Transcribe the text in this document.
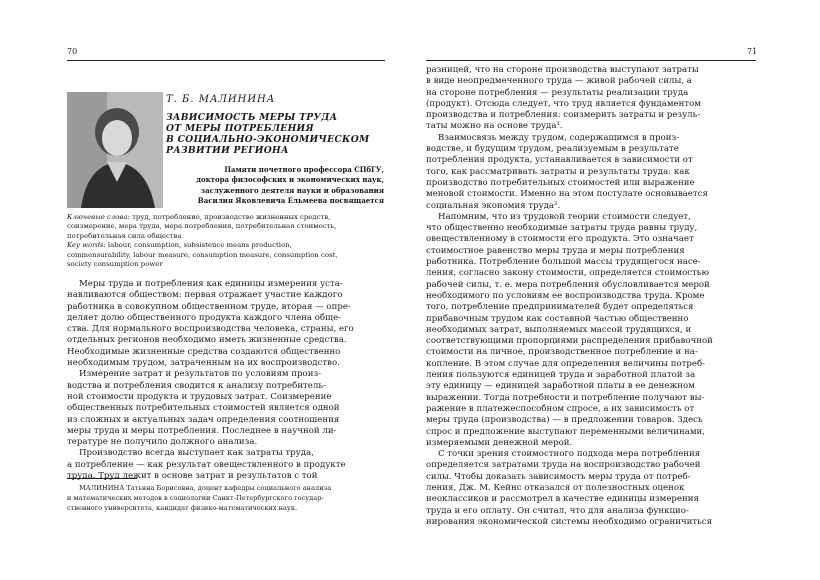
70
Т. Б. МАЛИНИНА
ЗАВИСИМОСТЬ МЕРЫ ТРУДА
ОТ МЕРЫ ПОТРЕБЛЕНИЯ
В СОЦИАЛЬНО-ЭКОНОМИЧЕСКОМ
РАЗВИТИИ РЕГИОНА
Памяти почетного профессора СПбГУ,
доктора философских и экономических наук,
заслуженного деятеля науки и образования
Василия Яковлевича Ельмеева посвящается
Ключевые слова: труд, потребление, производство жизненных средств,
соизмерение, мера труда, мера потребления, потребительная стоимость,
потребительная сила общества
Key words: labour, consumption, subsistence means production,
commensurability, labour measure, consumption measure, consumption cost,
society consumption power
Меры труда и потребления как единицы измерения уста-
навливаются обществом: первая отражает участие каждого
работника в совокупном общественном труде, вторая — опре-
деляет долю общественного продукта каждого члена обще-
ства. Для нормального воспроизводства человека, страны, его
отдельных регионов необходимо иметь жизненные средства.
Необходимые жизненные средства создаются общественно
необходимым трудом, затраченным на их воспроизводство.
Измерение затрат и результатов по условиям произ-
водства и потребления сводится к анализу потребитель-
ной стоимости продукта и трудовых затрат. Соизмерение
общественных потребительных стоимостей является одной
из сложных и актуальных задач определения соотношения
меры труда и меры потребления. Последнее в научной ли-
тературе не получило должного анализа.
Производство всегда выступает как затраты труда,
а потребление — как результат овеществленного в продукте
труда. Труд лежит в основе затрат и результатов с той
МАЛИНИНА Татьяна Борисовна, доцент кафедры социального анализа
и математических методов в социологии Санкт-Петербургского государ-
ственного университета, кандидат физико-математических наук.
71
разницей, что на стороне производства выступают затраты
в виде неопредмеченного труда — живой рабочей силы, а
на стороне потребления — результаты реализации труда
(продукт). Отсюда следует, что труд является фундаментом
производства и потребления: соизмерить затраты и резуль-
таты можно на основе труда¹.
Взаимосвязь между трудом, содержащимся в произ-
водстве, и будущим трудом, реализуемым в результате
потребления продукта, устанавливается в зависимости от
того, как рассматривать затраты и результаты труда: как
производство потребительных стоимостей или выражение
меновой стоимости. Именно на этом постулате основывается
социальная экономия труда².
Напомним, что из трудовой теории стоимости следует,
что общественно необходимые затраты труда равны труду,
овеществленному в стоимости его продукта. Это означает
стоимостное равенство меры труда и меры потребления
работника. Потребление большой массы трудящегося насе-
ления, согласно закону стоимости, определяется стоимостью
рабочей силы, т. е. мера потребления обусловливается мерой
необходимого по условиям ее воспроизводства труда. Кроме
того, потребление предпринимателей будет определяться
прибавочным трудом как составной частью общественно
необходимых затрат, выполняемых массой трудящихся, и
соответствующими пропорциями распределения прибавочной
стоимости на личное, производственное потребление и на-
копление. В этом случае для определения величины потреб-
ления пользуются единицей труда и заработной платой за
эту единицу — единицей заработной платы в ее денежном
выражении. Тогда потребности и потребление получают вы-
ражение в платежеспособном спросе, а их зависимость от
меры труда (производства) — в предложении товаров. Здесь
спрос и предложение выступают переменными величинами,
измеряемыми денежной мерой.
С точки зрения стоимостного подхода мера потребления
определяется затратами труда на воспроизводство рабочей
силы. Чтобы доказать зависимость меры труда от потреб-
ления, Дж. М. Кейнс отказался от полезностных оценок
неоклассиков и рассмотрел в качестве единицы измерения
труда и его оплату. Он считал, что для анализа функцио-
нирования экономической системы необходимо ограничиться
